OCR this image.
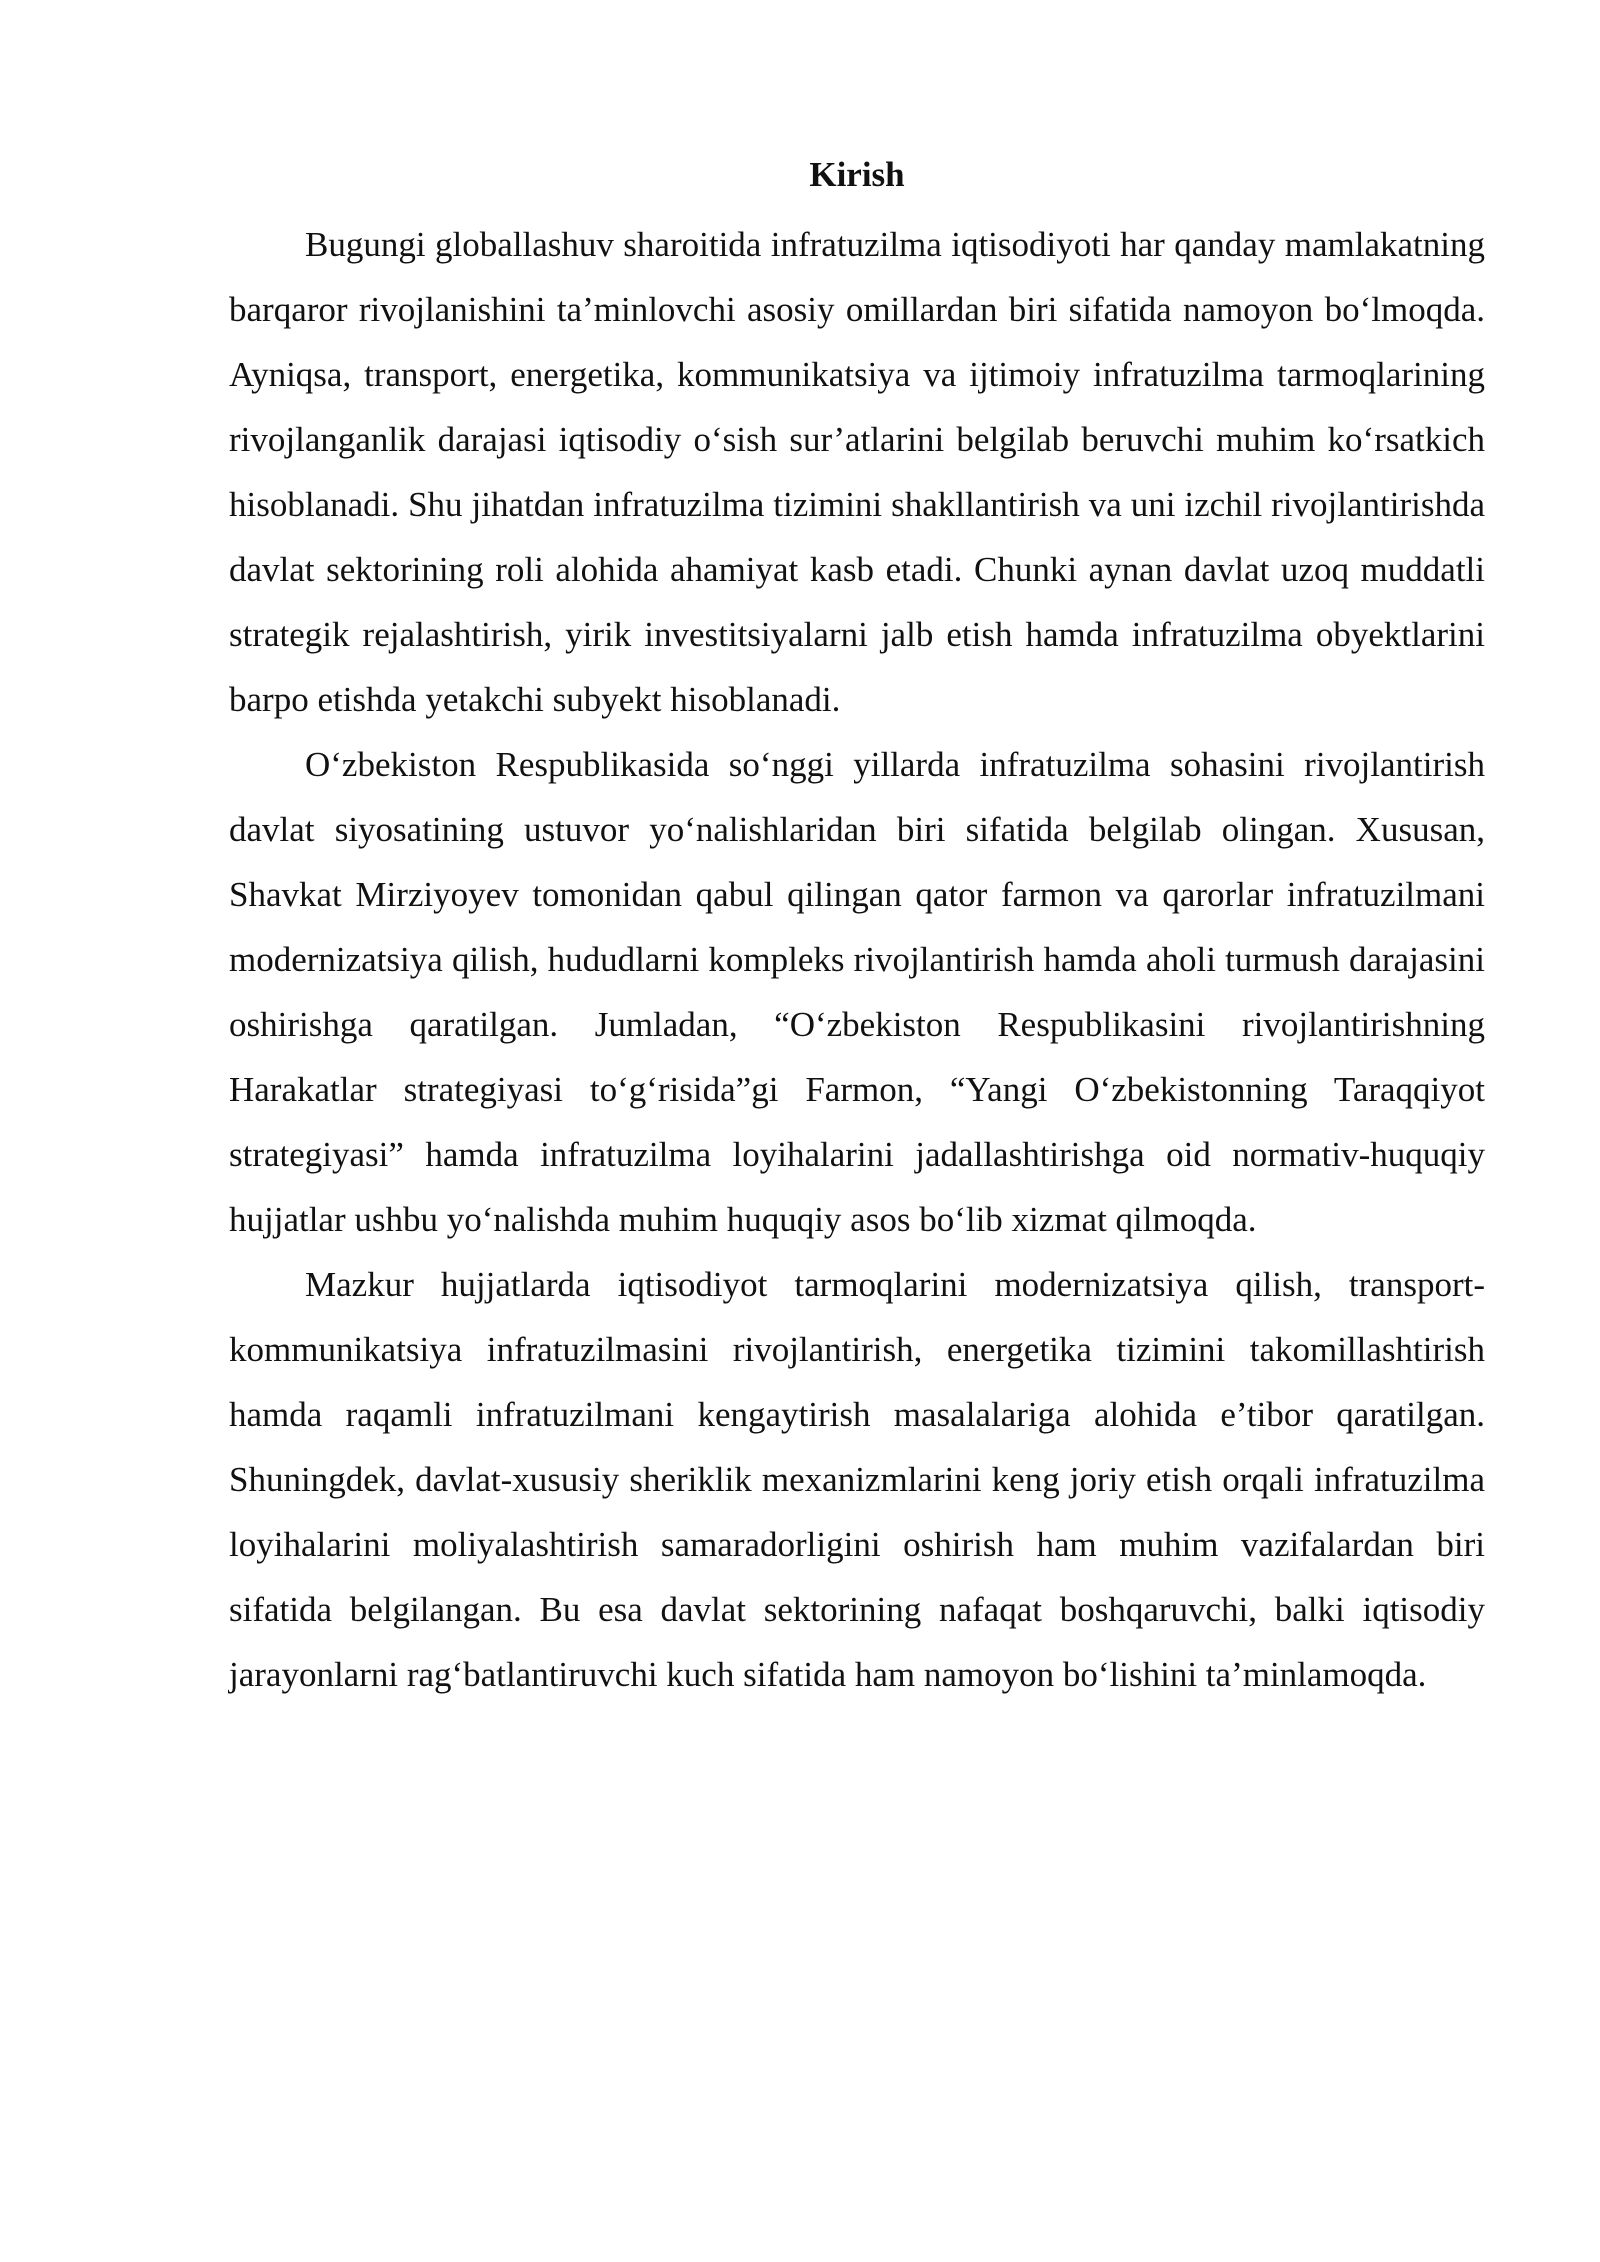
Kirish

Bugungi globallashuv sharoitida infratuzilma iqtisodiyoti har qanday mamlakatning barqaror rivojlanishini ta’minlovchi asosiy omillardan biri sifatida namoyon bo‘lmoqda. Ayniqsa, transport, energetika, kommunikatsiya va ijtimoiy infratuzilma tarmoqlarining rivojlanganlik darajasi iqtisodiy o‘sish sur’atlarini belgilab beruvchi muhim ko‘rsatkich hisoblanadi. Shu jihatdan infratuzilma tizimini shakllantirish va uni izchil rivojlantirishda davlat sektorining roli alohida ahamiyat kasb etadi. Chunki aynan davlat uzoq muddatli strategik rejalashtirish, yirik investitsiyalarni jalb etish hamda infratuzilma obyektlarini barpo etishda yetakchi subyekt hisoblanadi.

O‘zbekiston Respublikasida so‘nggi yillarda infratuzilma sohasini rivojlantirish davlat siyosatining ustuvor yo‘nalishlaridan biri sifatida belgilab olingan. Xususan, Shavkat Mirziyoyev tomonidan qabul qilingan qator farmon va qarorlar infratuzilmani modernizatsiya qilish, hududlarni kompleks rivojlantirish hamda aholi turmush darajasini oshirishga qaratilgan. Jumladan, “O‘zbekiston Respublikasini rivojlantirishning Harakatlar strategiyasi to‘g‘risida”gi Farmon, “Yangi O‘zbekistonning Taraqqiyot strategiyasi” hamda infratuzilma loyihalarini jadallashtirishga oid normativ-huquqiy hujjatlar ushbu yo‘nalishda muhim huquqiy asos bo‘lib xizmat qilmoqda.

Mazkur hujjatlarda iqtisodiyot tarmoqlarini modernizatsiya qilish, transport-kommunikatsiya infratuzilmasini rivojlantirish, energetika tizimini takomillashtirish hamda raqamli infratuzilmani kengaytirish masalalariga alohida e’tibor qaratilgan. Shuningdek, davlat-xususiy sheriklik mexanizmlarini keng joriy etish orqali infratuzilma loyihalarini moliyalashtirish samaradorligini oshirish ham muhim vazifalardan biri sifatida belgilangan. Bu esa davlat sektorining nafaqat boshqaruvchi, balki iqtisodiy jarayonlarni rag‘batlantiruvchi kuch sifatida ham namoyon bo‘lishini ta’minlamoqda.
